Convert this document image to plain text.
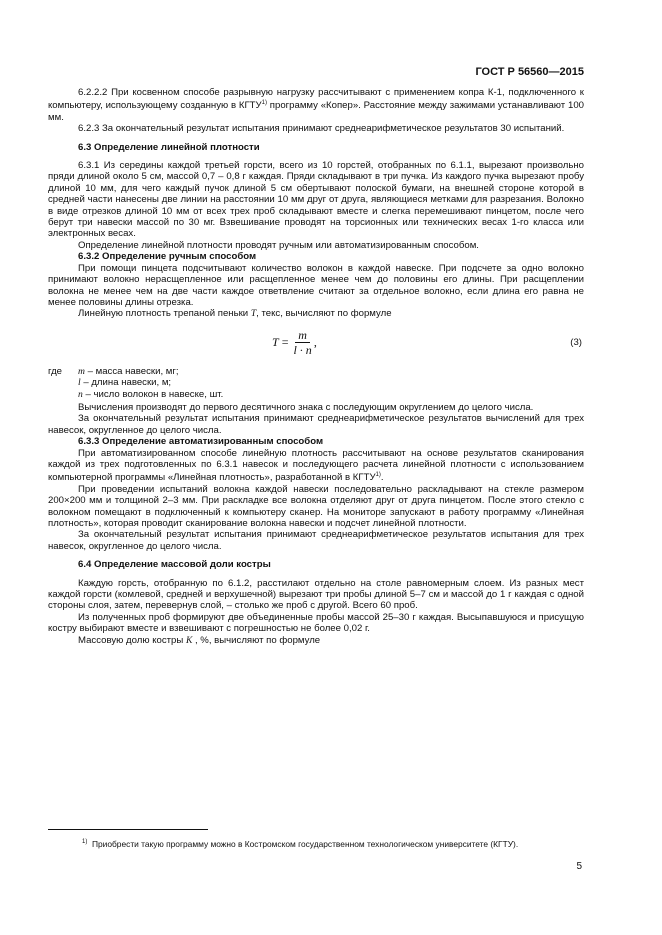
ГОСТ Р 56560—2015

6.2.2.2 При косвенном способе разрывную нагрузку рассчитывают с применением копра К-1, подключенного к компьютеру, использующему созданную в КГТУ$^{1)}$ программу «Копер». Расстояние между зажимами устанавливают 100 мм.

6.2.3 За окончательный результат испытания принимают среднеарифметическое результатов 30 испытаний.

6.3 Определение линейной плотности

6.3.1 Из середины каждой третьей горсти, всего из 10 горстей, отобранных по 6.1.1, вырезают произвольно пряди длиной около 5 см, массой 0,7 – 0,8 г каждая. Пряди складывают в три пучка. Из каждого пучка вырезают пробу длиной 10 мм, для чего каждый пучок длиной 5 см обертывают полоской бумаги, на внешней стороне которой в средней части нанесены две линии на расстоянии 10 мм друг от друга, являющиеся метками для разрезания. Волокно в виде отрезков длиной 10 мм от всех трех проб складывают вместе и слегка перемешивают пинцетом, после чего берут три навески массой по 30 мг. Взвешивание проводят на торсионных или технических весах 1-го класса или электронных весах.

Определение линейной плотности проводят ручным или автоматизированным способом.

6.3.2 Определение ручным способом

При помощи пинцета подсчитывают количество волокон в каждой навеске. При подсчете за одно волокно принимают волокно нерасщепленное или расщепленное менее чем до половины его длины. При расщеплении волокна не менее чем на две части каждое ответвление считают за отдельное волокно, если длина его равна не менее половины длины отрезка.

Линейную плотность трепаной пеньки Т, текс, вычисляют по формуле

$T = \frac{m}{l \cdot n}$ ,	(3)
где	m – масса навески, мг;

l – длина навески, м;

n – число волокон в навеске, шт.

Вычисления производят до первого десятичного знака с последующим округлением до целого числа.

За окончательный результат испытания принимают среднеарифметическое результатов вычислений для трех навесок, округленное до целого числа.

6.3.3 Определение автоматизированным способом

При автоматизированном способе линейную плотность рассчитывают на основе результатов сканирования каждой из трех подготовленных по 6.3.1 навесок и последующего расчета линейной плотности с использованием компьютерной программы «Линейная плотность», разработанной в КГТУ$^{1)}$.

При проведении испытаний волокна каждой навески последовательно раскладывают на стекле размером 200×200 мм и толщиной 2–3 мм. При раскладке все волокна отделяют друг от друга пинцетом. После этого стекло с волокном помещают в подключенный к компьютеру сканер. На мониторе запускают в работу программу «Линейная плотность», которая проводит сканирование волокна навески и подсчет линейной плотности.

За окончательный результат испытания принимают среднеарифметическое результатов испытания для трех навесок, округленное до целого числа.

6.4 Определение массовой доли костры

Каждую горсть, отобранную по 6.1.2, расстилают отдельно на столе равномерным слоем. Из разных мест каждой горсти (комлевой, средней и верхушечной) вырезают три пробы длиной 5–7 см и массой до 1 г каждая с одной стороны слоя, затем, перевернув слой, – столько же проб с другой. Всего 60 проб.

Из полученных проб формируют две объединенные пробы массой 25–30 г каждая. Высыпавшуюся и присущую костру выбирают вместе и взвешивают с погрешностью не более 0,02 г.

Массовую долю костры К , %, вычисляют по формуле

$^{1)}$ Приобрести такую программу можно в Костромском государственном технологическом университете (КГТУ).
5
